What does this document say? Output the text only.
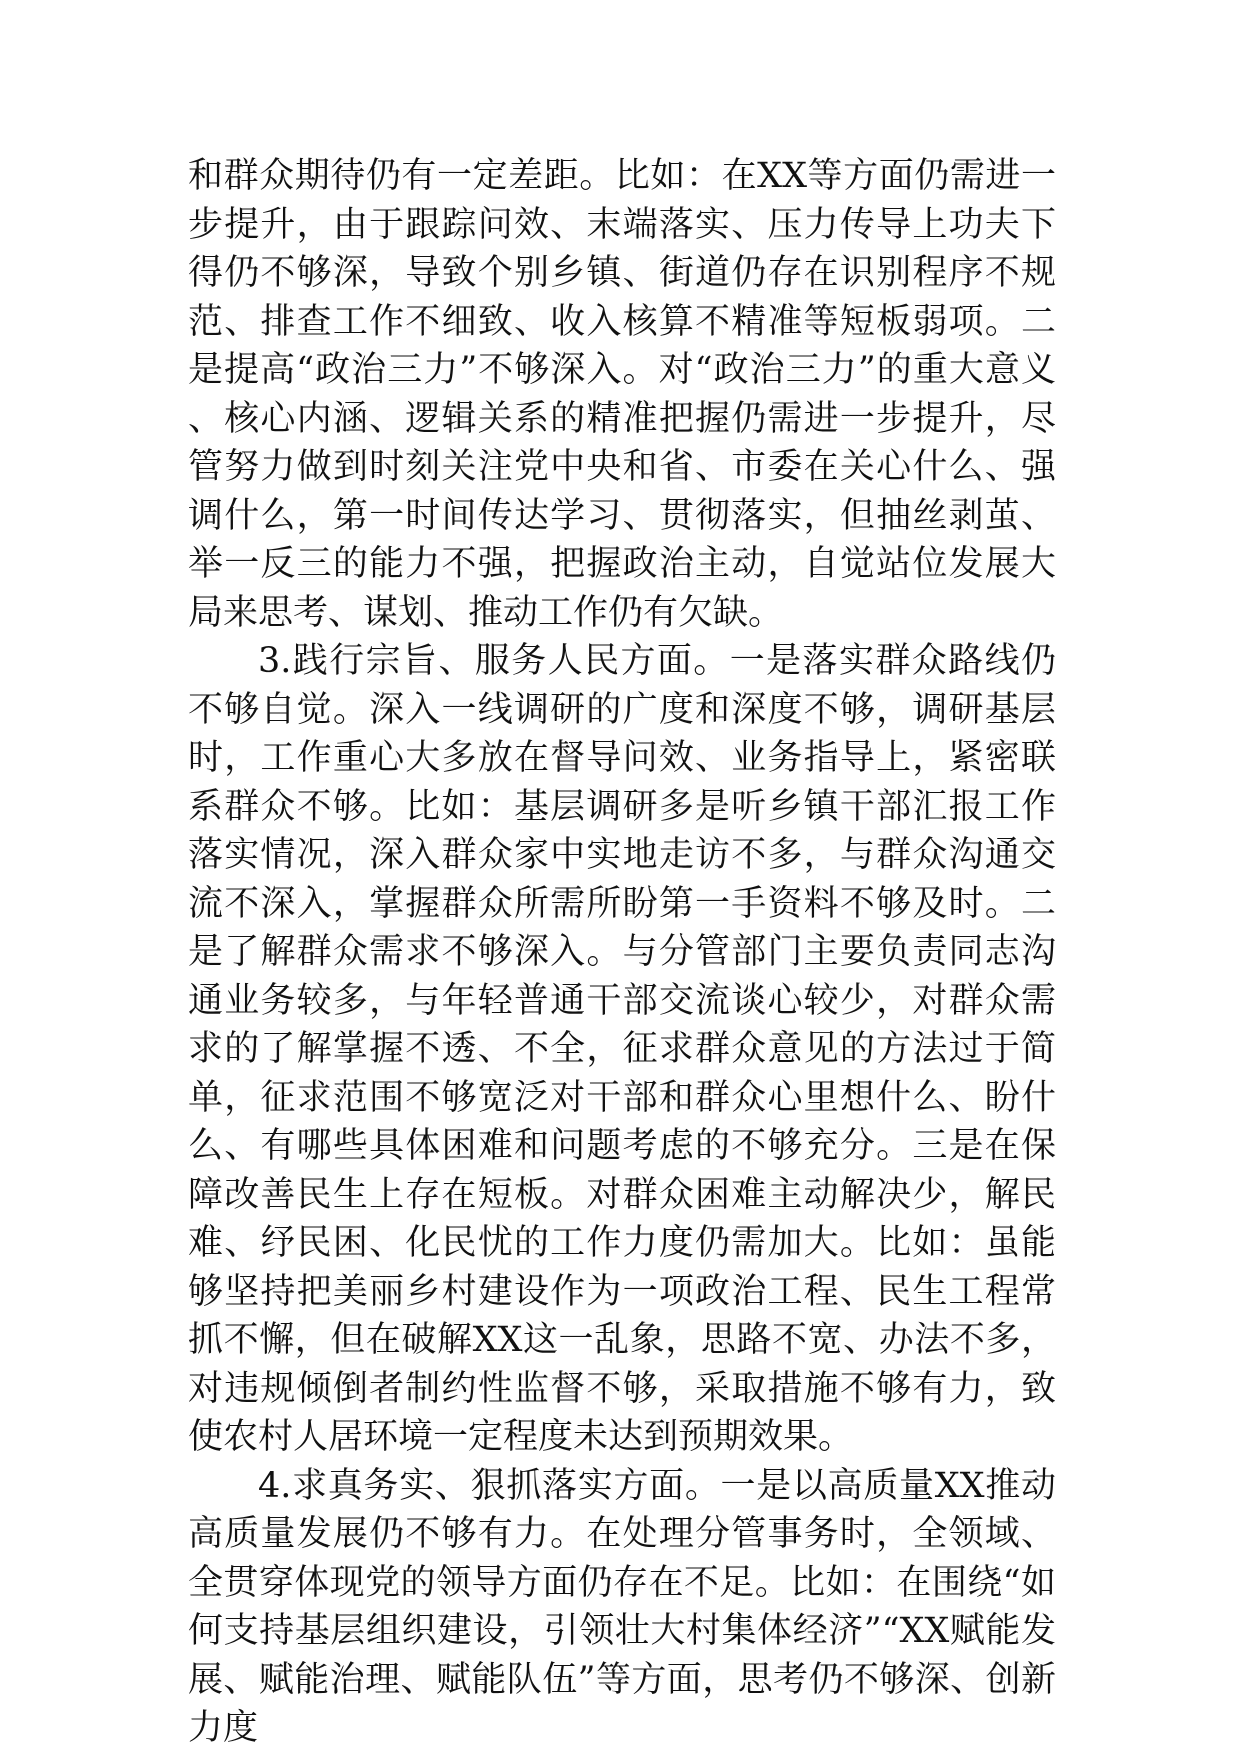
和群众期待仍有一定差距。比如：在XX等方面仍需进一步提升，由于跟踪问效、末端落实、压力传导上功夫下得仍不够深，导致个别乡镇、街道仍存在识别程序不规范、排查工作不细致、收入核算不精准等短板弱项。二是提高“政治三力”不够深入。对“政治三力”的重大意义、核心内涵、逻辑关系的精准把握仍需进一步提升，尽管努力做到时刻关注党中央和省、市委在关心什么、强调什么，第一时间传达学习、贯彻落实，但抽丝剥茧、举一反三的能力不强，把握政治主动，自觉站位发展大局来思考、谋划、推动工作仍有欠缺。

3.践行宗旨、服务人民方面。一是落实群众路线仍不够自觉。深入一线调研的广度和深度不够，调研基层时，工作重心大多放在督导问效、业务指导上，紧密联系群众不够。比如：基层调研多是听乡镇干部汇报工作落实情况，深入群众家中实地走访不多，与群众沟通交流不深入，掌握群众所需所盼第一手资料不够及时。二是了解群众需求不够深入。与分管部门主要负责同志沟通业务较多，与年轻普通干部交流谈心较少，对群众需求的了解掌握不透、不全，征求群众意见的方法过于简单，征求范围不够宽泛对干部和群众心里想什么、盼什么、有哪些具体困难和问题考虑的不够充分。三是在保障改善民生上存在短板。对群众困难主动解决少，解民难、纾民困、化民忧的工作力度仍需加大。比如：虽能够坚持把美丽乡村建设作为一项政治工程、民生工程常抓不懈，但在破解XX这一乱象，思路不宽、办法不多，对违规倾倒者制约性监督不够，采取措施不够有力，致使农村人居环境一定程度未达到预期效果。

4.求真务实、狠抓落实方面。一是以高质量XX推动高质量发展仍不够有力。在处理分管事务时，全领域、全贯穿体现党的领导方面仍存在不足。比如：在围绕“如何支持基层组织建设，引领壮大村集体经济”“XX赋能发展、赋能治理、赋能队伍”等方面，思考仍不够深、创新力度
